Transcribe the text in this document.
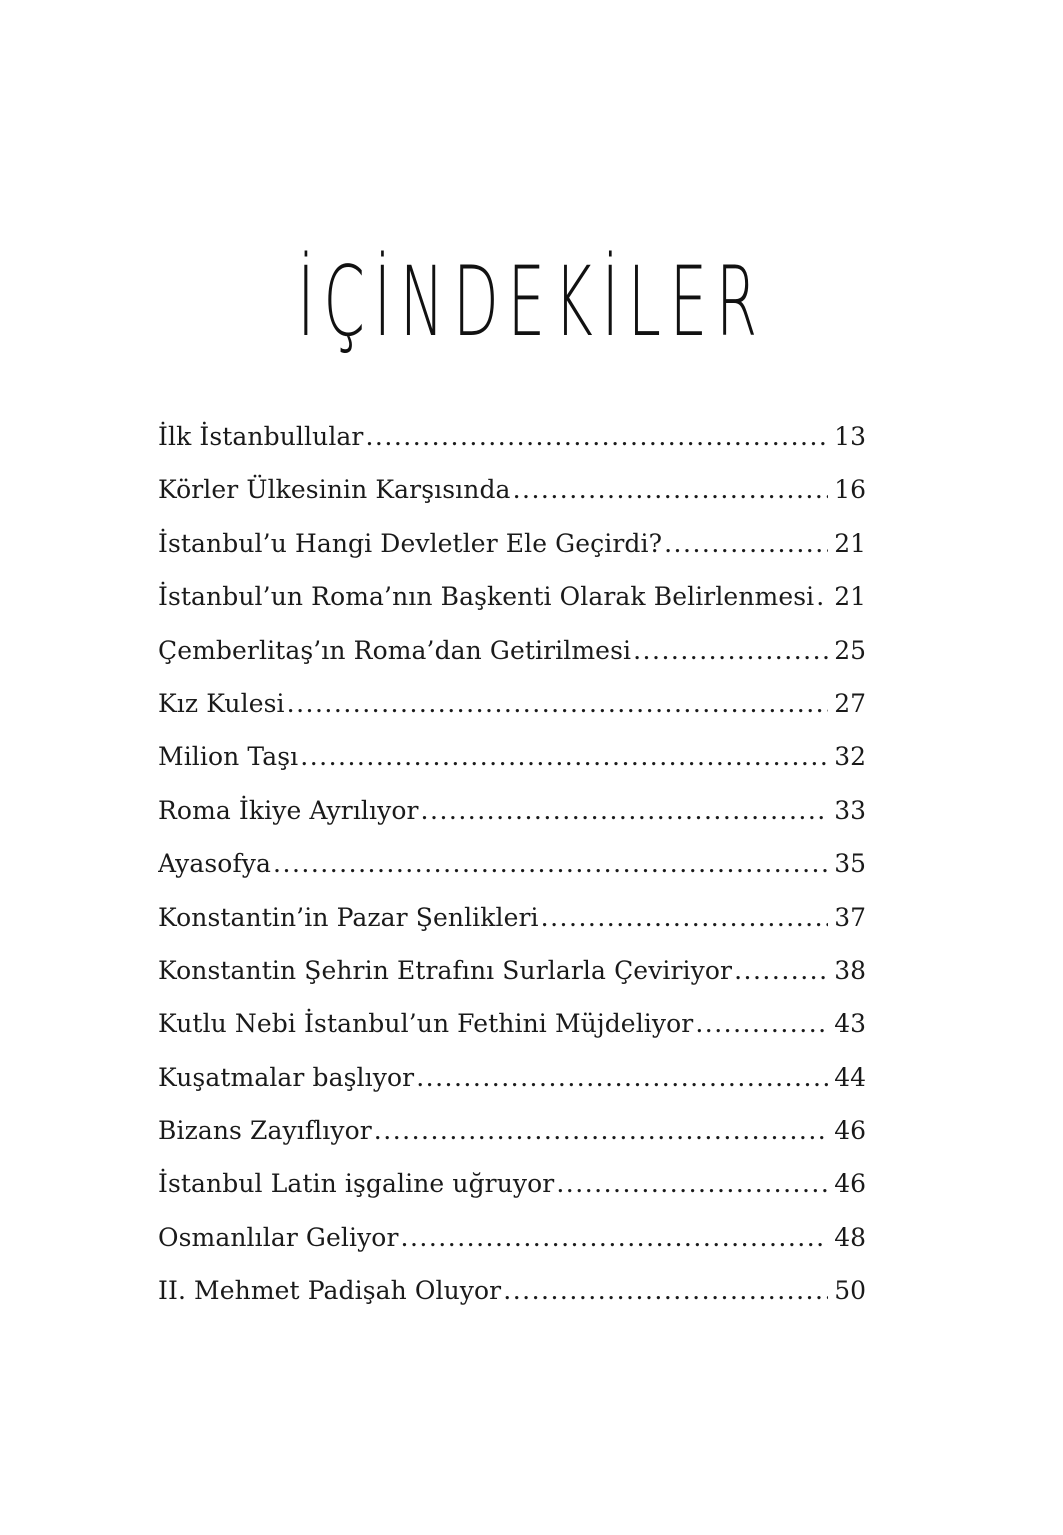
İÇİNDEKİLER
İlk İstanbullular .....	13
Körler Ülkesinin Karşısında .....	16
İstanbul’u Hangi Devletler Ele Geçirdi? .....	21
İstanbul’un Roma’nın Başkenti Olarak Belirlenmesi ..... 21
Çemberlitaş’ın Roma’dan Getirilmesi .....	25
Kız Kulesi .....	27
Milion Taşı .....	32
Roma İkiye Ayrılıyor .....	33
Ayasofya .....	35
Konstantin’in Pazar Şenlikleri .....	37
Konstantin Şehrin Etrafını Surlarla Çeviriyor .....	38
Kutlu Nebi İstanbul’un Fethini Müjdeliyor .....	43
Kuşatmalar başlıyor .....	44
Bizans Zayıflıyor .....	46
İstanbul Latin işgaline uğruyor .....	46
Osmanlılar Geliyor .....	48
II. Mehmet Padişah Oluyor .....	50
